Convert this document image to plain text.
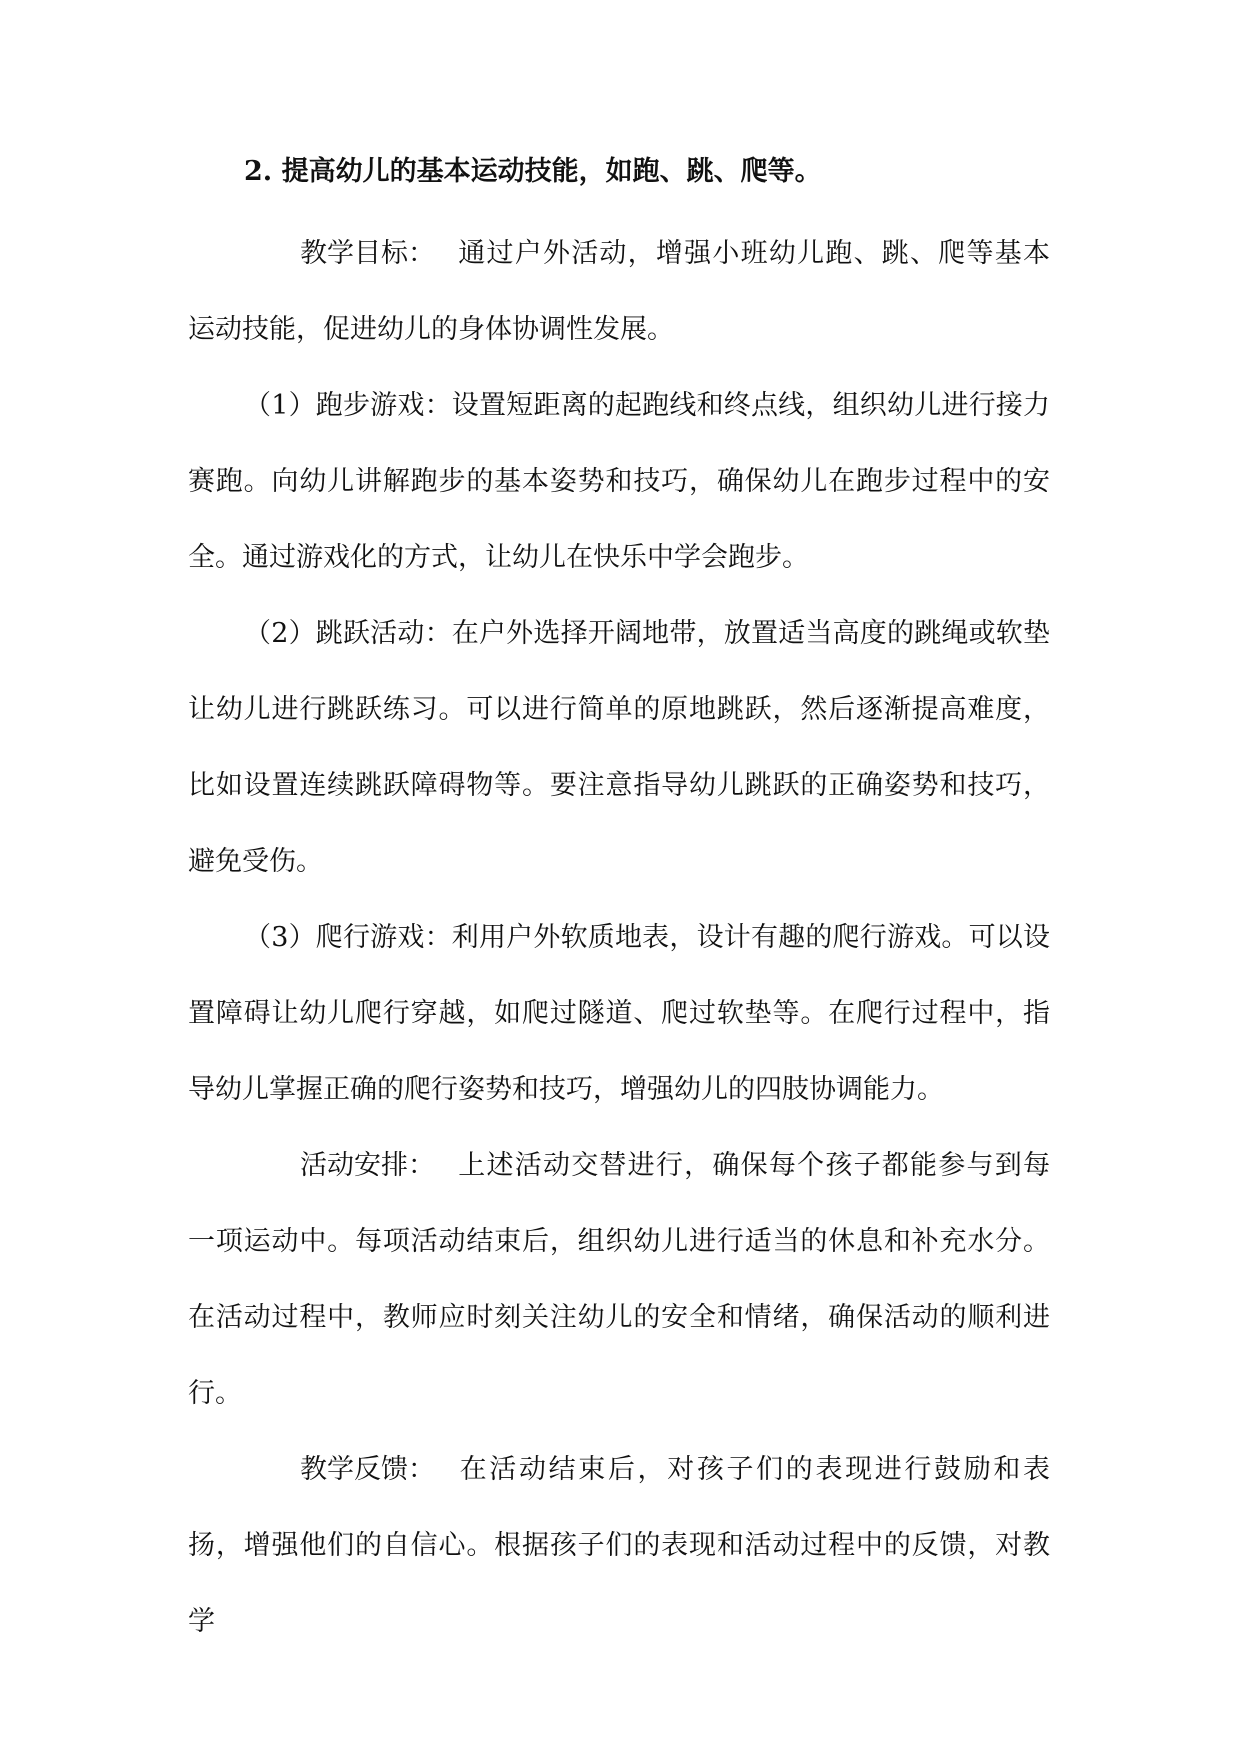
2. 提高幼儿的基本运动技能，如跑、跳、爬等。

教学目标： 通过户外活动，增强小班幼儿跑、跳、爬等基本运动技能，促进幼儿的身体协调性发展。

（1）跑步游戏：设置短距离的起跑线和终点线，组织幼儿进行接力赛跑。向幼儿讲解跑步的基本姿势和技巧，确保幼儿在跑步过程中的安全。通过游戏化的方式，让幼儿在快乐中学会跑步。

（2）跳跃活动：在户外选择开阔地带，放置适当高度的跳绳或软垫让幼儿进行跳跃练习。可以进行简单的原地跳跃，然后逐渐提高难度，比如设置连续跳跃障碍物等。要注意指导幼儿跳跃的正确姿势和技巧，避免受伤。

（3）爬行游戏：利用户外软质地表，设计有趣的爬行游戏。可以设置障碍让幼儿爬行穿越，如爬过隧道、爬过软垫等。在爬行过程中，指导幼儿掌握正确的爬行姿势和技巧，增强幼儿的四肢协调能力。

活动安排： 上述活动交替进行，确保每个孩子都能参与到每一项运动中。每项活动结束后，组织幼儿进行适当的休息和补充水分。在活动过程中，教师应时刻关注幼儿的安全和情绪，确保活动的顺利进行。

教学反馈： 在活动结束后，对孩子们的表现进行鼓励和表扬，增强他们的自信心。根据孩子们的表现和活动过程中的反馈，对教学
